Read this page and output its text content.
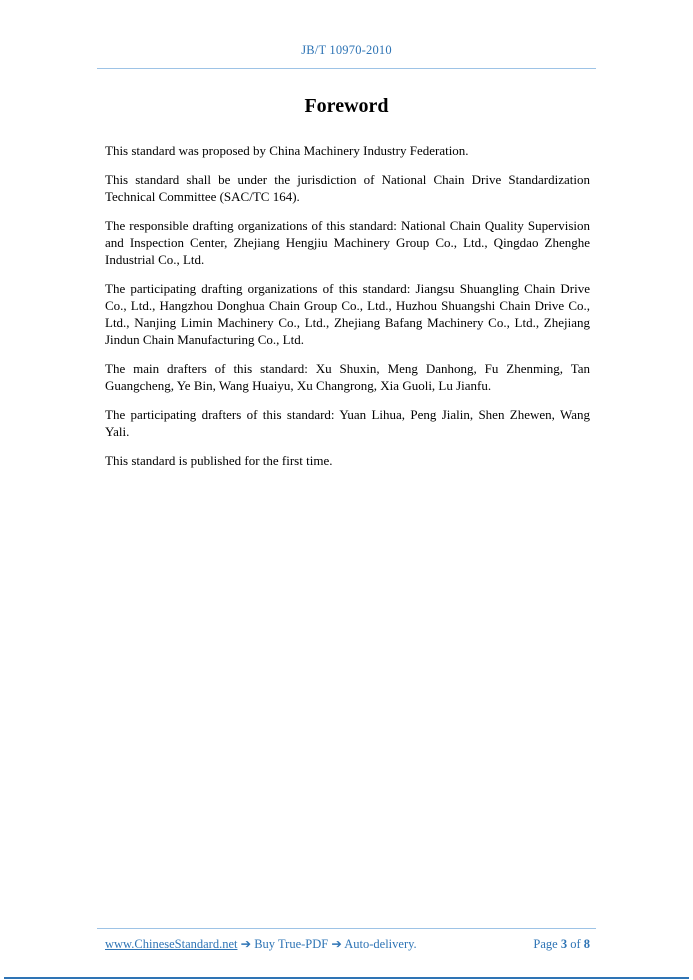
JB/T 10970-2010
Foreword

This standard was proposed by China Machinery Industry Federation.

This standard shall be under the jurisdiction of National Chain Drive Standardization Technical Committee (SAC/TC 164).

The responsible drafting organizations of this standard: National Chain Quality Supervision and Inspection Center, Zhejiang Hengjiu Machinery Group Co., Ltd., Qingdao Zhenghe Industrial Co., Ltd.

The participating drafting organizations of this standard: Jiangsu Shuangling Chain Drive Co., Ltd., Hangzhou Donghua Chain Group Co., Ltd., Huzhou Shuangshi Chain Drive Co., Ltd., Nanjing Limin Machinery Co., Ltd., Zhejiang Bafang Machinery Co., Ltd., Zhejiang Jindun Chain Manufacturing Co., Ltd.

The main drafters of this standard: Xu Shuxin, Meng Danhong, Fu Zhenming, Tan Guangcheng, Ye Bin, Wang Huaiyu, Xu Changrong, Xia Guoli, Lu Jianfu.

The participating drafters of this standard: Yuan Lihua, Peng Jialin, Shen Zhewen, Wang Yali.

This standard is published for the first time.

www.ChineseStandard.net ➔ Buy True-PDF ➔ Auto-delivery.	Page 3 of 8
